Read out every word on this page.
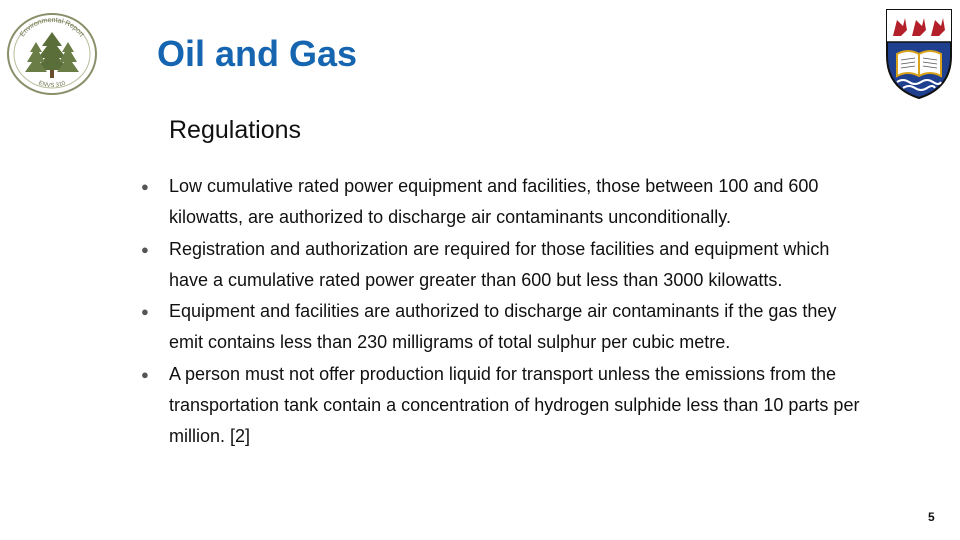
Environmental Report
ENVS 310
Oil and Gas
Regulations
● Low cumulative rated power equipment and facilities, those between 100 and 600 kilowatts, are authorized to discharge air contaminants unconditionally.
● Registration and authorization are required for those facilities and equipment which have a cumulative rated power greater than 600 but less than 3000 kilowatts.
● Equipment and facilities are authorized to discharge air contaminants if the gas they emit contains less than 230 milligrams of total sulphur per cubic metre.
● A person must not offer production liquid for transport unless the emissions from the transportation tank contain a concentration of hydrogen sulphide less than 10 parts per million. [2]
5
